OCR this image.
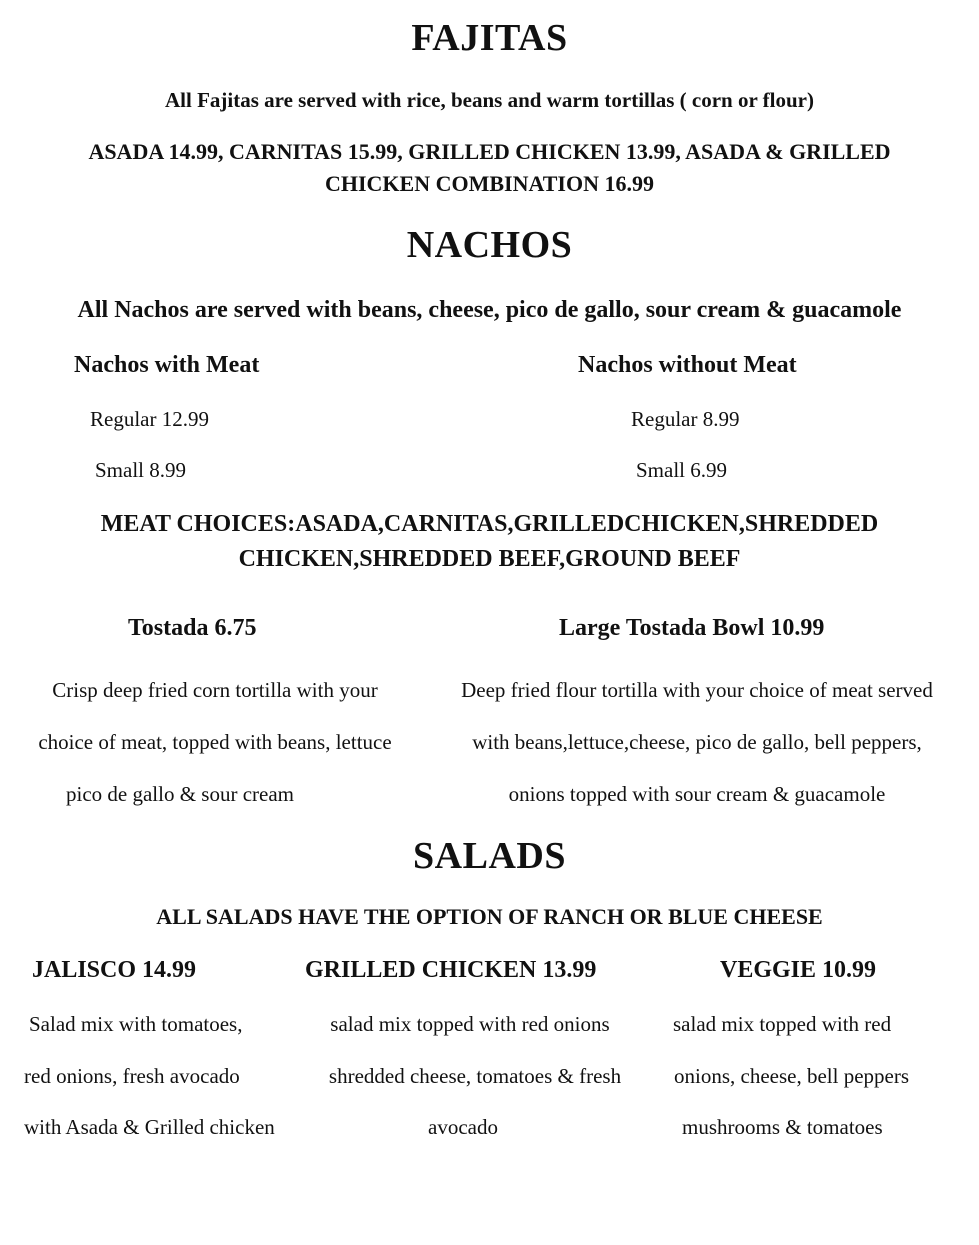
FAJITAS
All Fajitas are served with rice, beans and warm tortillas ( corn or flour)
ASADA 14.99, CARNITAS 15.99, GRILLED CHICKEN 13.99, ASADA & GRILLED
CHICKEN COMBINATION 16.99
NACHOS
All Nachos are served with beans, cheese, pico de gallo, sour cream & guacamole
Nachos with Meat
Regular 12.99
Small 8.99
Nachos without Meat
Regular 8.99
Small 6.99
MEAT CHOICES:ASADA,CARNITAS,GRILLEDCHICKEN,SHREDDED
CHICKEN,SHREDDED BEEF,GROUND BEEF
Tostada 6.75
Crisp deep fried corn tortilla with your
choice of meat, topped with beans, lettuce
pico de gallo & sour cream
Large Tostada Bowl 10.99
Deep fried flour tortilla with your choice of meat served
with beans,lettuce,cheese, pico de gallo, bell peppers,
onions topped with sour cream & guacamole
SALADS
ALL SALADS HAVE THE OPTION OF RANCH OR BLUE CHEESE
JALISCO 14.99
Salad mix with tomatoes,
red onions, fresh avocado
with Asada & Grilled chicken
GRILLED CHICKEN 13.99
salad mix topped with red onions
shredded cheese, tomatoes & fresh
avocado
VEGGIE 10.99
salad mix topped with red
onions, cheese, bell peppers
mushrooms & tomatoes
